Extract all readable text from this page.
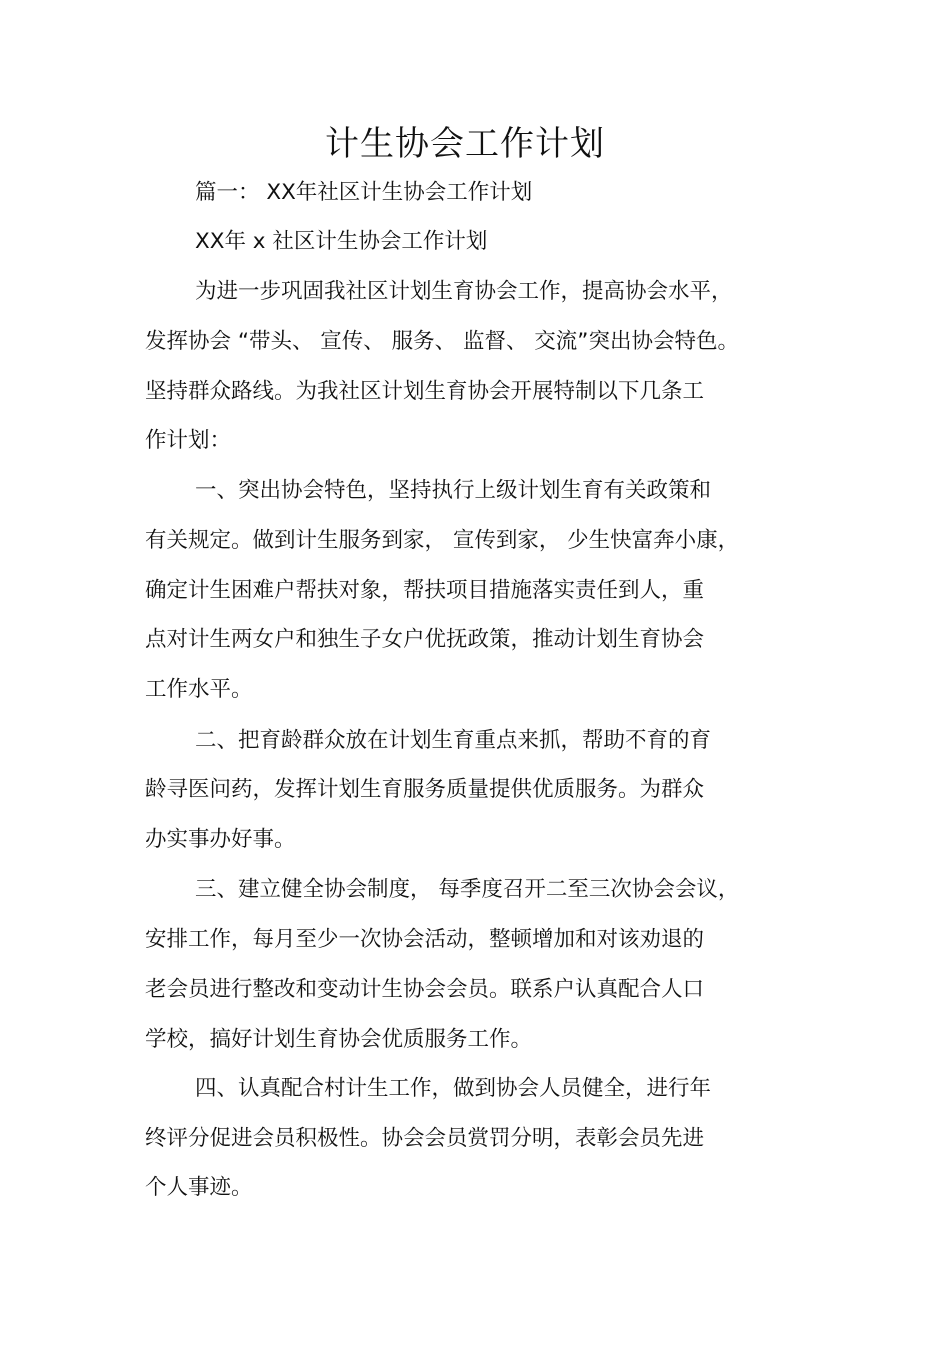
计生协会工作计划

篇一： XX年社区计生协会工作计划

XX年 x 社区计生协会工作计划

为进一步巩固我社区计划生育协会工作，提高协会水平，

发挥协会 “带头、 宣传、 服务、 监督、 交流”突出协会特色。

坚持群众路线。为我社区计划生育协会开展特制以下几条工

作计划：

一、突出协会特色，坚持执行上级计划生育有关政策和

有关规定。做到计生服务到家， 宣传到家， 少生快富奔小康，

确定计生困难户帮扶对象，帮扶项目措施落实责任到人，重

点对计生两女户和独生子女户优抚政策，推动计划生育协会

工作水平。

二、把育龄群众放在计划生育重点来抓，帮助不育的育

龄寻医问药，发挥计划生育服务质量提供优质服务。为群众

办实事办好事。

三、建立健全协会制度， 每季度召开二至三次协会会议，

安排工作，每月至少一次协会活动，整顿增加和对该劝退的

老会员进行整改和变动计生协会会员。联系户认真配合人口

学校，搞好计划生育协会优质服务工作。

四、认真配合村计生工作，做到协会人员健全，进行年

终评分促进会员积极性。协会会员赏罚分明，表彰会员先进

个人事迹。
